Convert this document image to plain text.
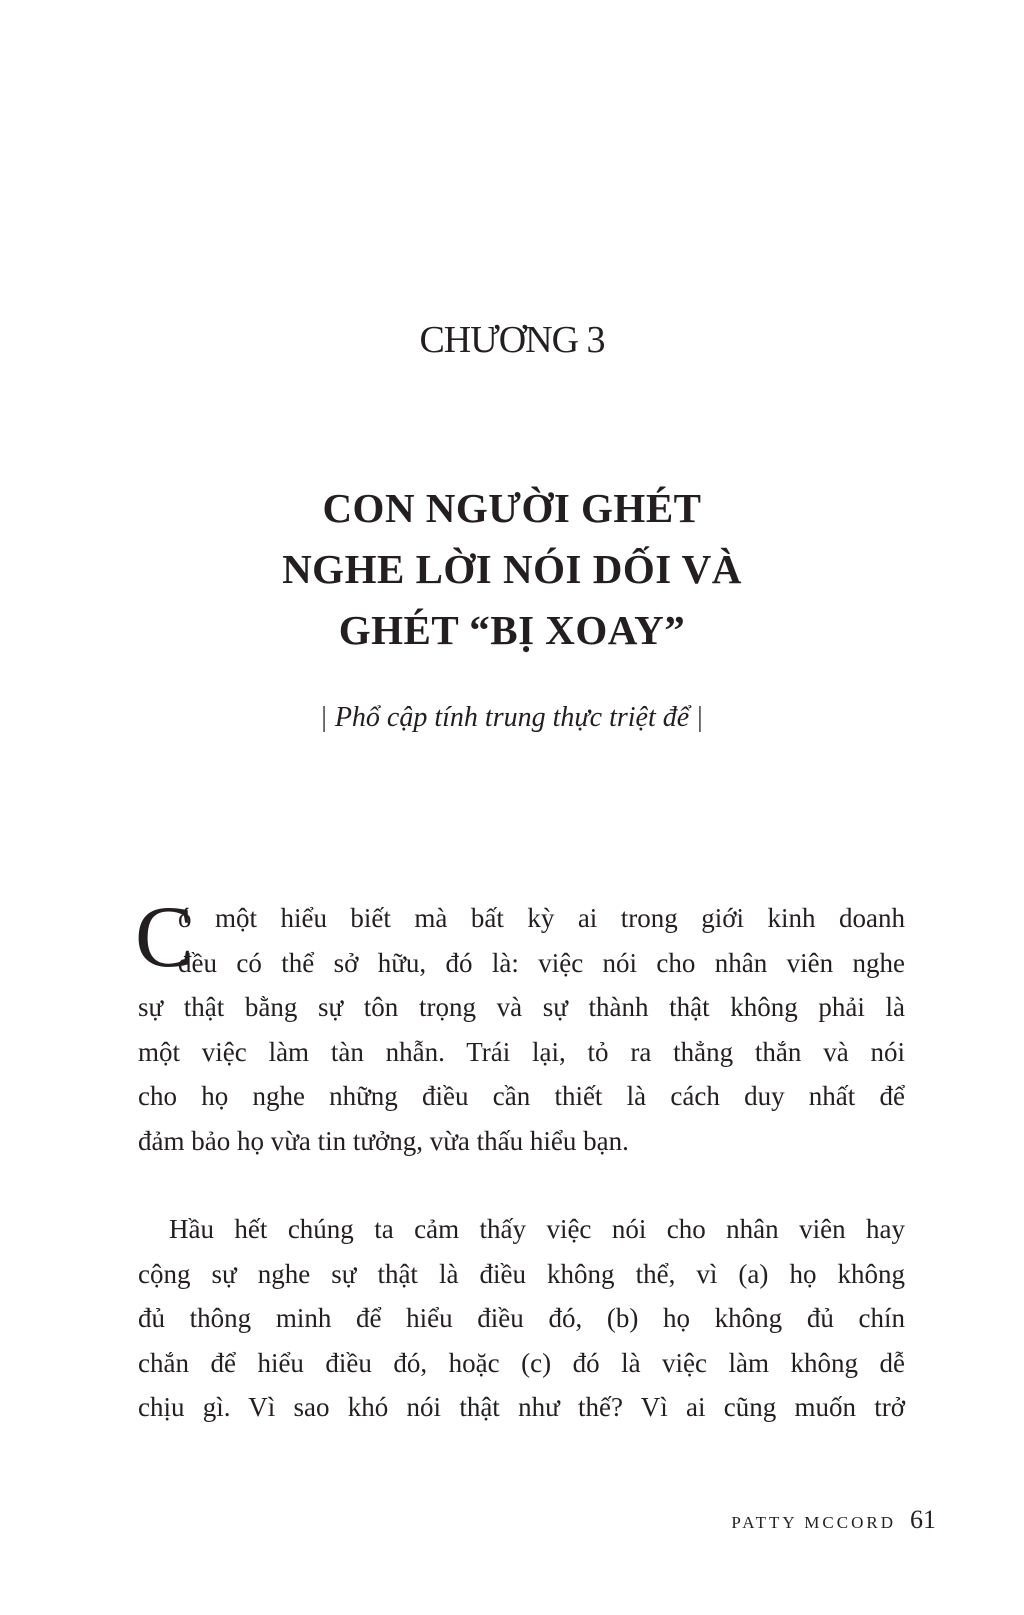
CHƯƠNG 3
CON NGƯỜI GHÉT
NGHE LỜI NÓI DỐI VÀ
GHÉT “BỊ XOAY”
| Phổ cập tính trung thực triệt để |
C
ó một hiểu biết mà bất kỳ ai trong giới kinh doanh
đều có thể sở hữu, đó là: việc nói cho nhân viên nghe
sự thật bằng sự tôn trọng và sự thành thật không phải là
một việc làm tàn nhẫn. Trái lại, tỏ ra thẳng thắn và nói
cho họ nghe những điều cần thiết là cách duy nhất để
đảm bảo họ vừa tin tưởng, vừa thấu hiểu bạn.
Hầu hết chúng ta cảm thấy việc nói cho nhân viên hay
cộng sự nghe sự thật là điều không thể, vì (a) họ không
đủ thông minh để hiểu điều đó, (b) họ không đủ chín
chắn để hiểu điều đó, hoặc (c) đó là việc làm không dễ
chịu gì. Vì sao khó nói thật như thế? Vì ai cũng muốn trở
PATTY MCCORD 61
